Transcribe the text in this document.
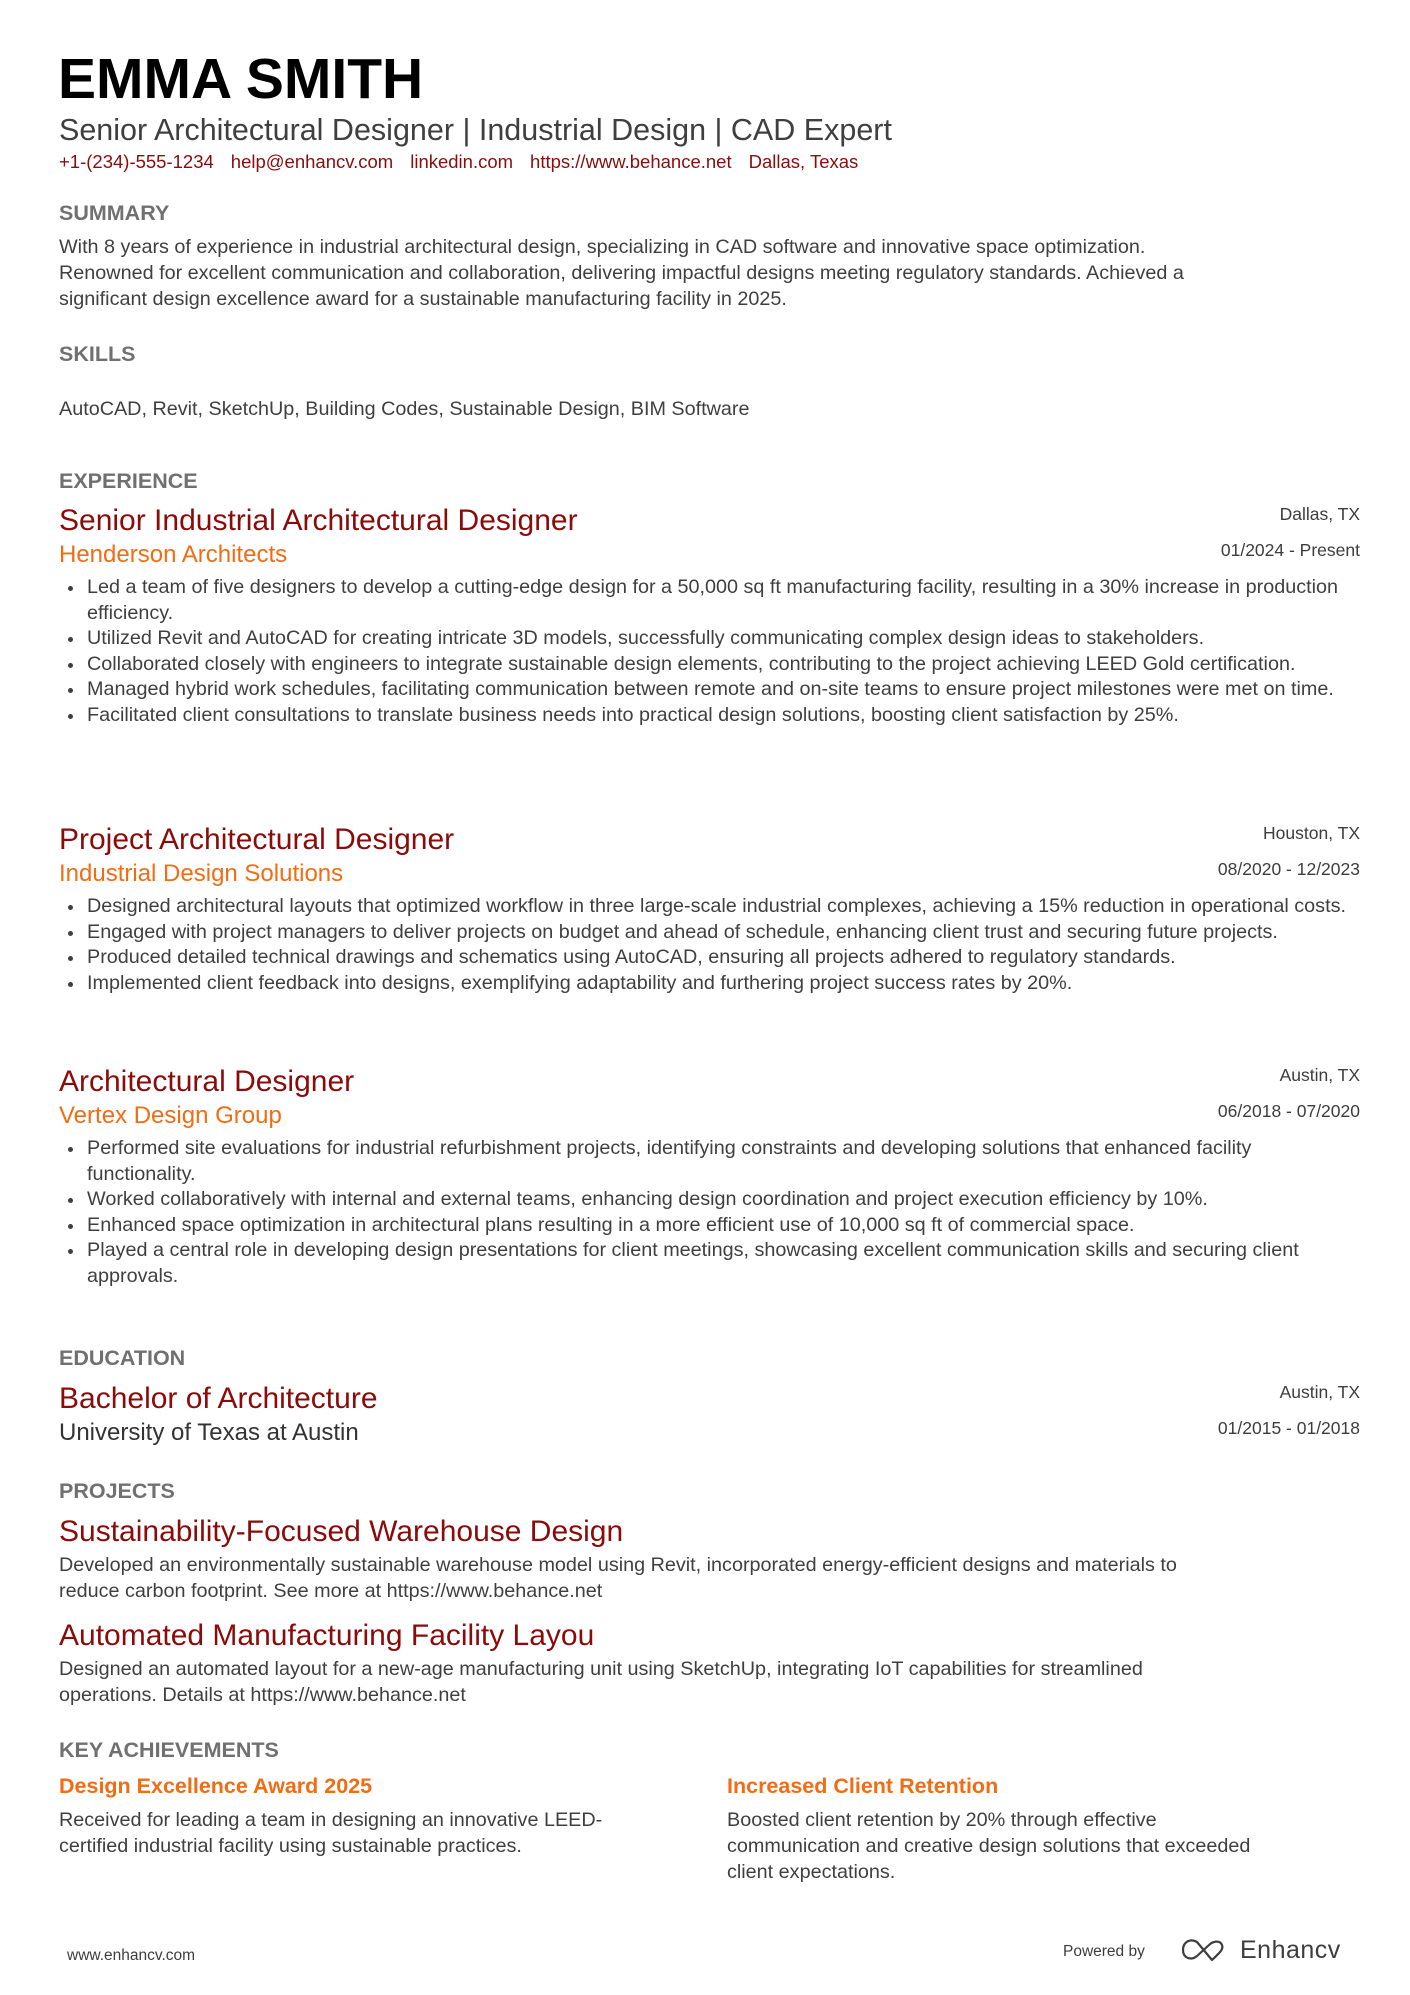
EMMA SMITH
Senior Architectural Designer | Industrial Design | CAD Expert
+1-(234)-555-1234 help@enhancv.com linkedin.com https://www.behance.net Dallas, Texas
SUMMARY
With 8 years of experience in industrial architectural design, specializing in CAD software and innovative space optimization.
Renowned for excellent communication and collaboration, delivering impactful designs meeting regulatory standards. Achieved a
significant design excellence award for a sustainable manufacturing facility in 2025.
SKILLS
AutoCAD, Revit, SketchUp, Building Codes, Sustainable Design, BIM Software
EXPERIENCE
Senior Industrial Architectural Designer	Dallas, TX
Henderson Architects	01/2024 - Present
Led a team of five designers to develop a cutting-edge design for a 50,000 sq ft manufacturing facility, resulting in a 30% increase in production efficiency.
Utilized Revit and AutoCAD for creating intricate 3D models, successfully communicating complex design ideas to stakeholders.
Collaborated closely with engineers to integrate sustainable design elements, contributing to the project achieving LEED Gold certification.
Managed hybrid work schedules, facilitating communication between remote and on-site teams to ensure project milestones were met on time.
Facilitated client consultations to translate business needs into practical design solutions, boosting client satisfaction by 25%.
Project Architectural Designer	Houston, TX
Industrial Design Solutions	08/2020 - 12/2023
Designed architectural layouts that optimized workflow in three large-scale industrial complexes, achieving a 15% reduction in operational costs.
Engaged with project managers to deliver projects on budget and ahead of schedule, enhancing client trust and securing future projects.
Produced detailed technical drawings and schematics using AutoCAD, ensuring all projects adhered to regulatory standards.
Implemented client feedback into designs, exemplifying adaptability and furthering project success rates by 20%.
Architectural Designer	Austin, TX
Vertex Design Group	06/2018 - 07/2020
Performed site evaluations for industrial refurbishment projects, identifying constraints and developing solutions that enhanced facility functionality.
Worked collaboratively with internal and external teams, enhancing design coordination and project execution efficiency by 10%.
Enhanced space optimization in architectural plans resulting in a more efficient use of 10,000 sq ft of commercial space.
Played a central role in developing design presentations for client meetings, showcasing excellent communication skills and securing client approvals.
EDUCATION
Bachelor of Architecture	Austin, TX
University of Texas at Austin	01/2015 - 01/2018
PROJECTS
Sustainability-Focused Warehouse Design
Developed an environmentally sustainable warehouse model using Revit, incorporated energy-efficient designs and materials to
reduce carbon footprint. See more at https://www.behance.net
Automated Manufacturing Facility Layou
Designed an automated layout for a new-age manufacturing unit using SketchUp, integrating IoT capabilities for streamlined
operations. Details at https://www.behance.net
KEY ACHIEVEMENTS
Design Excellence Award 2025
Received for leading a team in designing an innovative LEED-
certified industrial facility using sustainable practices.
Increased Client Retention
Boosted client retention by 20% through effective
communication and creative design solutions that exceeded
client expectations.
www.enhancv.com	Powered by	Enhancv
